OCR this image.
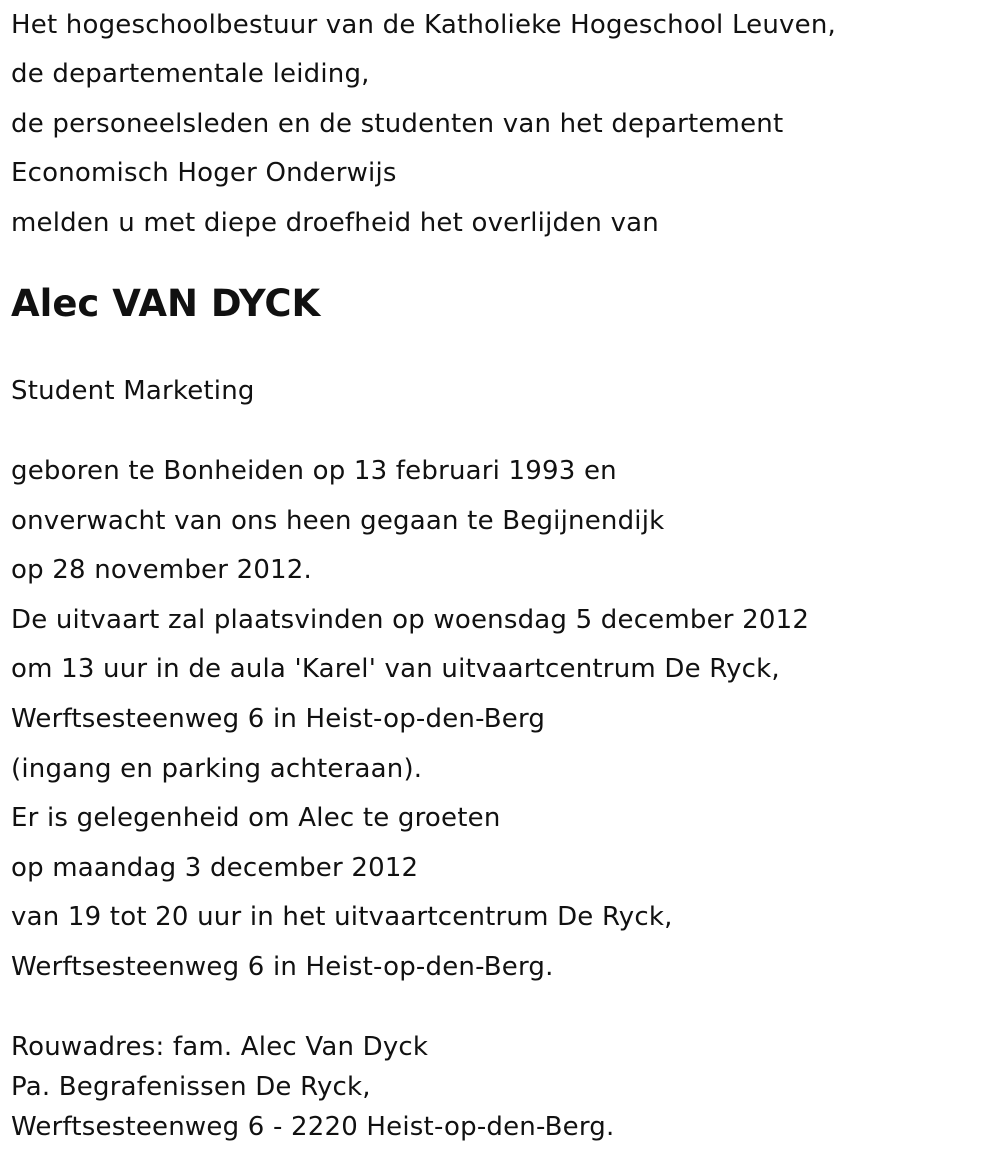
Het hogeschoolbestuur van de Katholieke Hogeschool Leuven,
de departementale leiding,
de personeelsleden en de studenten van het departement
Economisch Hoger Onderwijs
melden u met diepe droefheid het overlijden van
Alec VAN DYCK
Student Marketing
geboren te Bonheiden op 13 februari 1993 en
onverwacht van ons heen gegaan te Begijnendijk
op 28 november 2012.
De uitvaart zal plaatsvinden op woensdag 5 december 2012
om 13 uur in de aula 'Karel' van uitvaartcentrum De Ryck,
Werftsesteenweg 6 in Heist-op-den-Berg
(ingang en parking achteraan).
Er is gelegenheid om Alec te groeten
op maandag 3 december 2012
van 19 tot 20 uur in het uitvaartcentrum De Ryck,
Werftsesteenweg 6 in Heist-op-den-Berg.
Rouwadres: fam. Alec Van Dyck
Pa. Begrafenissen De Ryck,
Werftsesteenweg 6 - 2220 Heist-op-den-Berg.
